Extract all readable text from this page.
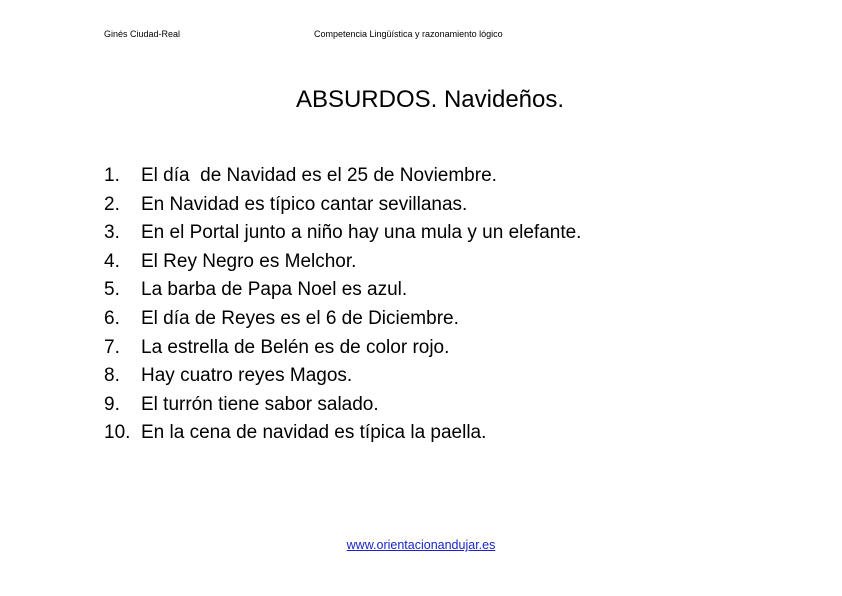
Ginés Ciudad-Real	Competencia Lingüística y razonamiento lógico
ABSURDOS. Navideños.
1.	El día  de Navidad es el 25 de Noviembre.
2.	En Navidad es típico cantar sevillanas.
3.	En el Portal junto a niño hay una mula y un elefante.
4.	El Rey Negro es Melchor.
5.	La barba de Papa Noel es azul.
6.	El día de Reyes es el 6 de Diciembre.
7.	La estrella de Belén es de color rojo.
8.	Hay cuatro reyes Magos.
9.	El turrón tiene sabor salado.
10. En la cena de navidad es típica la paella.
www.orientacionandujar.es
